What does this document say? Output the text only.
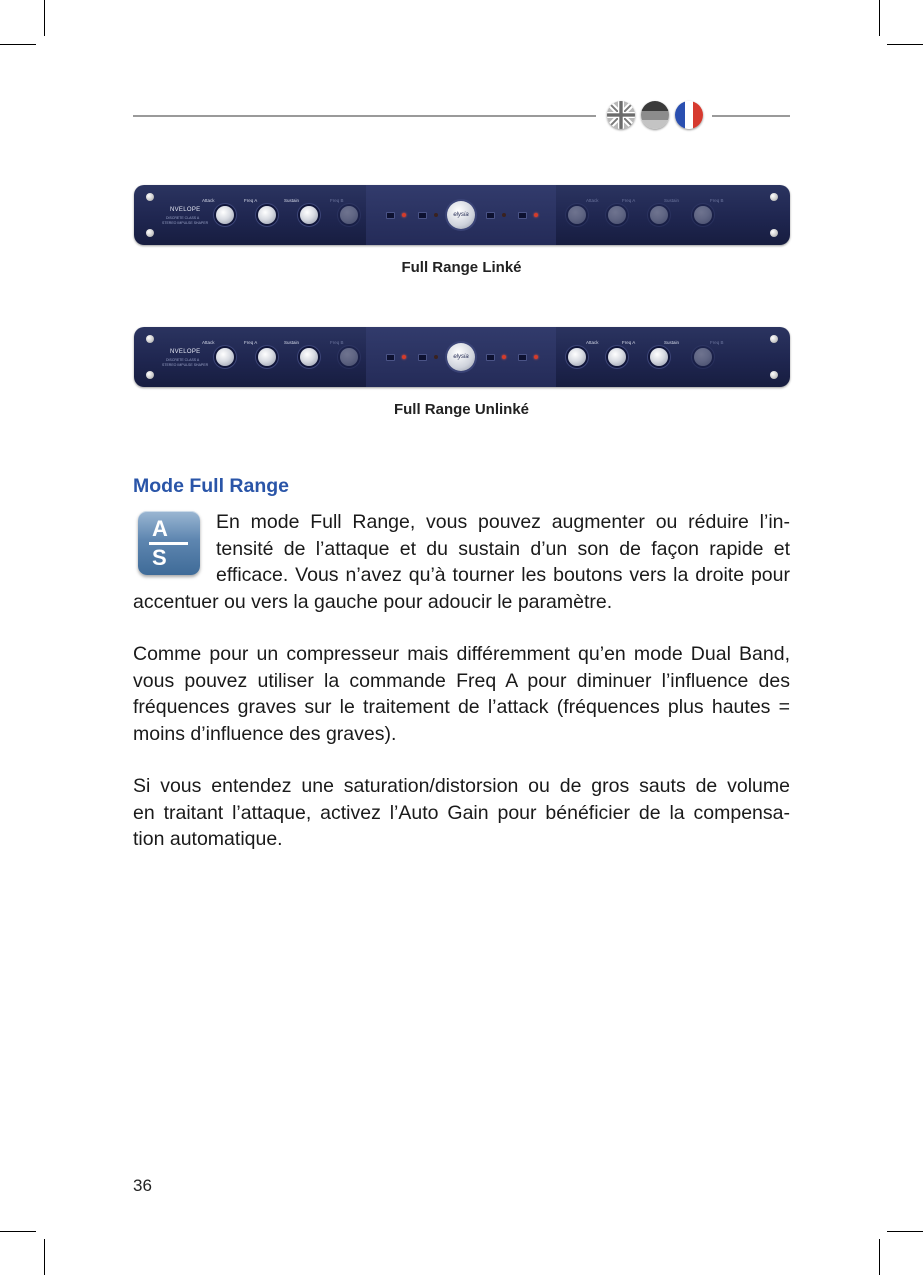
NVELOPE
DISCRETE CLASS A
STEREO IMPULSE SHAPER
Attack	Freq A	Sustain	Freq B
elysia
Attack	Freq A	Sustain	Freq B
Full Range Linké
NVELOPE
DISCRETE CLASS A
STEREO IMPULSE SHAPER
Attack	Freq A	Sustain	Freq B
elysia
Attack	Freq A	Sustain	Freq B
Full Range Unlinké
Mode Full Range
A
S

En mode Full Range, vous pouvez augmenter ou réduire l’in-

tensité de l’attaque et du sustain d’un son de façon rapide et

efficace. Vous n’avez qu’à tourner les boutons vers la droite pour

accentuer ou vers la gauche pour adoucir le paramètre.

Comme pour un compresseur mais différemment qu’en mode Dual Band,

vous pouvez utiliser la commande Freq A pour diminuer l’influence des

fréquences graves sur le traitement de l’attack (fréquences plus hautes =

moins d’influence des graves).

Si vous entendez une saturation/distorsion ou de gros sauts de volume

en traitant l’attaque, activez l’Auto Gain pour bénéficier de la compensa-

tion automatique.

36
